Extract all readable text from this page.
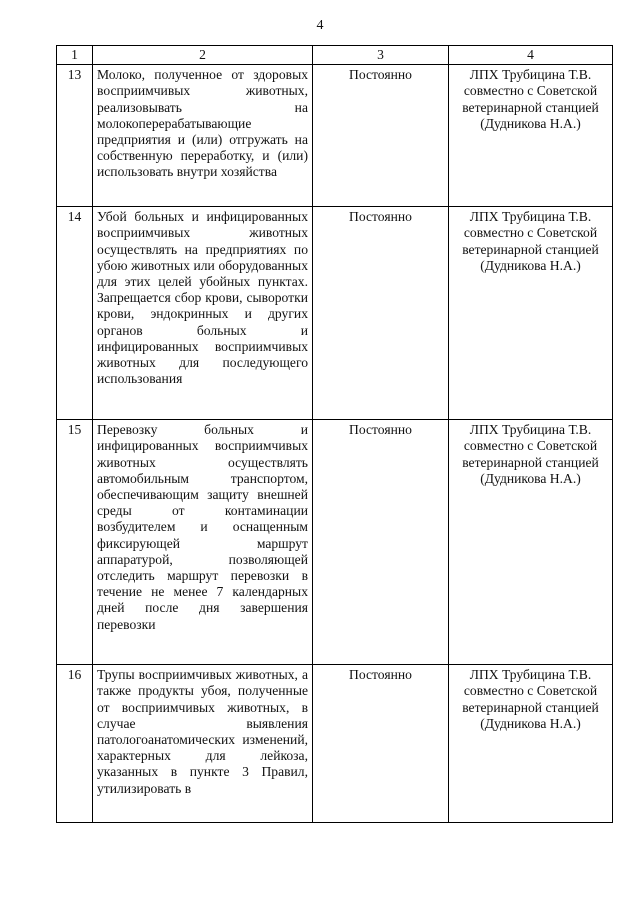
4
1	2	3	4
13	Молоко, полученное от здоровых восприимчивых животных, реализовывать на молокоперерабатывающие предприятия и (или) отгружать на собственную переработку, и (или) использовать внутри хозяйства	Постоянно	ЛПХ Трубицина Т.В. совместно с Советской ветеринарной станцией (Дудникова Н.А.)
14	Убой больных и инфицированных восприимчивых животных осуществлять на предприятиях по убою животных или оборудованных для этих целей убойных пунктах. Запрещается сбор крови, сыворотки крови, эндокринных и других органов больных и инфицированных восприимчивых животных для последующего использования	Постоянно	ЛПХ Трубицина Т.В. совместно с Советской ветеринарной станцией (Дудникова Н.А.)
15	Перевозку больных и инфицированных восприимчивых животных осуществлять автомобильным транспортом, обеспечивающим защиту внешней среды от контаминации возбудителем и оснащенным фиксирующей маршрут аппаратурой, позволяющей отследить маршрут перевозки в течение не менее 7 календарных дней после дня завершения перевозки	Постоянно	ЛПХ Трубицина Т.В. совместно с Советской ветеринарной станцией (Дудникова Н.А.)
16	Трупы восприимчивых животных, а также продукты убоя, полученные от восприимчивых животных, в случае выявления патологоанатомических изменений, характерных для лейкоза, указанных в пункте 3 Правил, утилизировать в	Постоянно	ЛПХ Трубицина Т.В. совместно с Советской ветеринарной станцией (Дудникова Н.А.)
